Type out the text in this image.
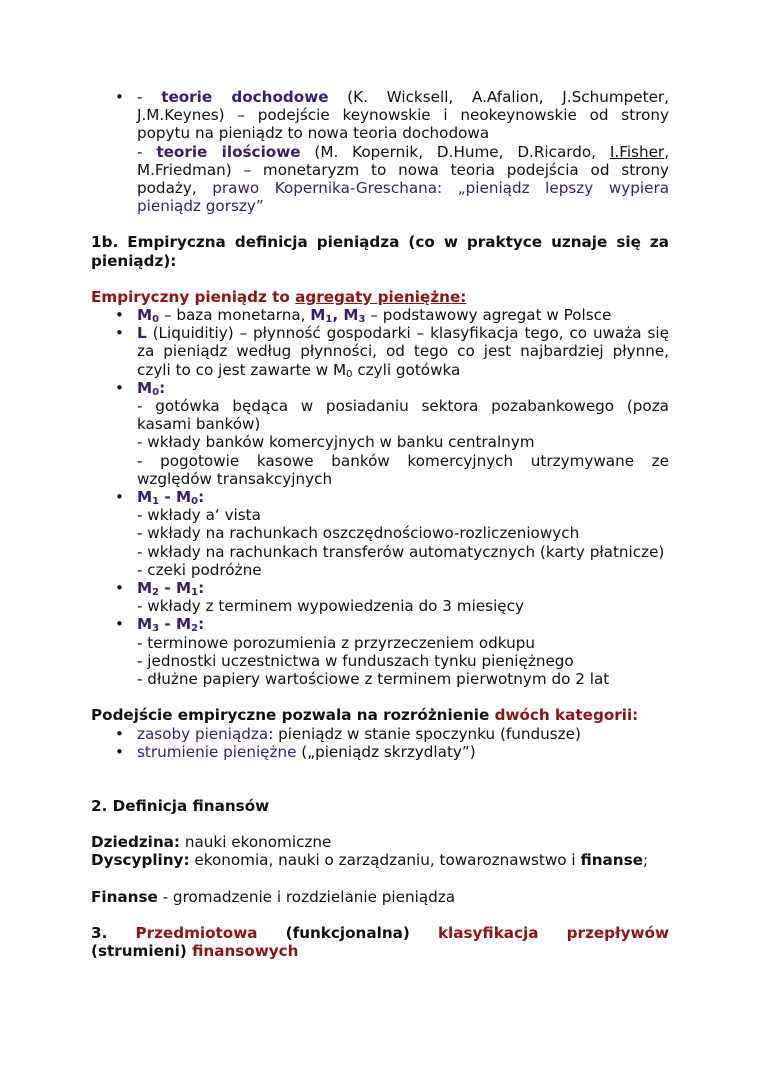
• - teorie dochodowe (K. Wicksell, A.Afalion, J.Schumpeter, J.M.Keynes) – podejście keynowskie i neokeynowskie od strony popytu na pieniądz to nowa teoria dochodowa
- teorie ilościowe (M. Kopernik, D.Hume, D.Ricardo, I.Fisher, M.Friedman) – monetaryzm to nowa teoria podejścia od strony podaży, prawo Kopernika-Greschana: „pieniądz lepszy wypiera pieniądz gorszy”
1b. Empiryczna definicja pieniądza (co w praktyce uznaje się za pieniądz):
Empiryczny pieniądz to agregaty pieniężne:
• $M_0$ – baza monetarna, $M_1$, $M_3$ – podstawowy agregat w Polsce
• L (Liquiditiy) – płynność gospodarki – klasyfikacja tego, co uważa się za pieniądz według płynności, od tego co jest najbardziej płynne, czyli to co jest zawarte w $M_0$ czyli gotówka
• $M_0$:
- gotówka będąca w posiadaniu sektora pozabankowego (poza kasami banków)
- wkłady banków komercyjnych w banku centralnym
- pogotowie kasowe banków komercyjnych utrzymywane ze względów transakcyjnych
• $M_1 - M_0$:
- wkłady a‘ vista
- wkłady na rachunkach oszczędnościowo-rozliczeniowych
- wkłady na rachunkach transferów automatycznych (karty płatnicze)
- czeki podróżne
• $M_2 - M_1$:
- wkłady z terminem wypowiedzenia do 3 miesięcy
• $M_3 - M_2$:
- terminowe porozumienia z przyrzeczeniem odkupu
- jednostki uczestnictwa w funduszach tynku pieniężnego
- dłużne papiery wartościowe z terminem pierwotnym do 2 lat
Podejście empiryczne pozwala na rozróżnienie dwóch kategorii:
• zasoby pieniądza: pieniądz w stanie spoczynku (fundusze)
• strumienie pieniężne („pieniądz skrzydlaty”)
2. Definicja finansów
Dziedzina: nauki ekonomiczne
Dyscypliny: ekonomia, nauki o zarządzaniu, towaroznawstwo i finanse;
Finanse - gromadzenie i rozdzielanie pieniądza
3. Przedmiotowa (funkcjonalna) klasyfikacja przepływów (strumieni) finansowych
